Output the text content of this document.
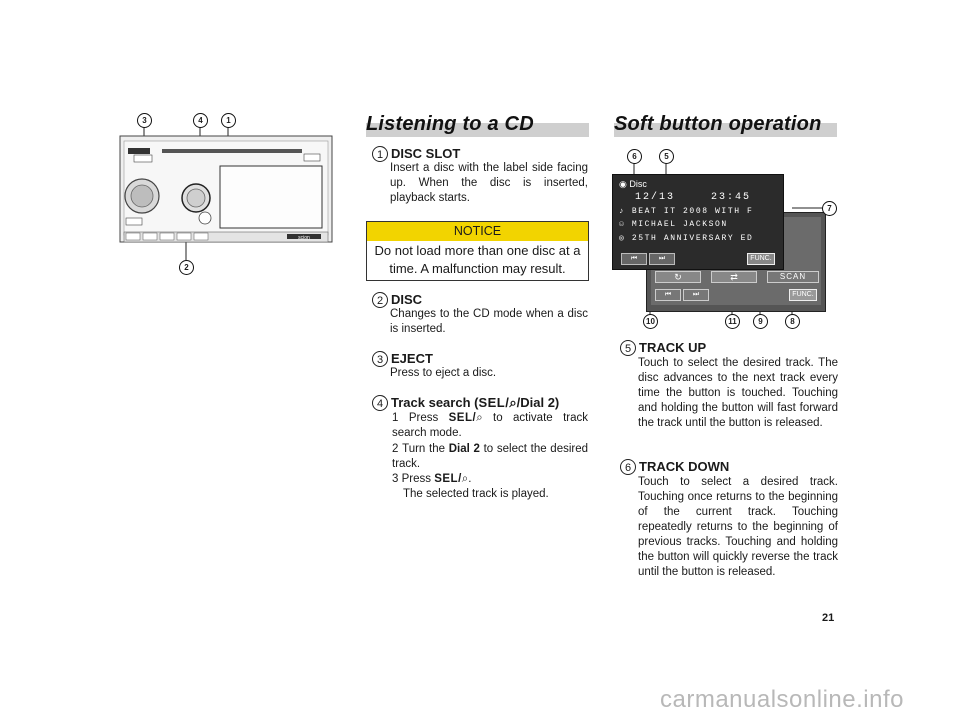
scion
3	4	1
2
Listening to a CD
1 DISC SLOT
Insert a disc with the label side facing up. When the disc is inserted, playback starts.
NOTICE
Do not load more than one disc at a time. A malfunction may result.
2 DISC
Changes to the CD mode when a disc is inserted.
3 EJECT
Press to eject a disc.
4 Track search (SEL/⌕/Dial 2)
1 Press SEL/⌕ to activate track search mode.
2 Turn the Dial 2 to select the desired track.
3 Press SEL/⌕.
The selected track is played.
Soft button operation
↻	⇄	SCAN
⏮	⏭	FUNC.
◉ Disc
12/13	23:45
♪ BEAT IT 2008 WITH F
☺ MICHAEL JACKSON
◎ 25TH ANNIVERSARY ED
⏮	⏭	FUNC.
6	5
7
10	11	9	8
5 TRACK UP
Touch to select the desired track. The disc advances to the next track every time the button is touched. Touching and holding the button will fast forward the track until the button is released.
6 TRACK DOWN
Touch to select a desired track. Touching once returns to the beginning of the current track. Touching repeatedly returns to the beginning of previous tracks. Touching and holding the button will quickly reverse the track until the button is released.
21
carmanualsonline.info
